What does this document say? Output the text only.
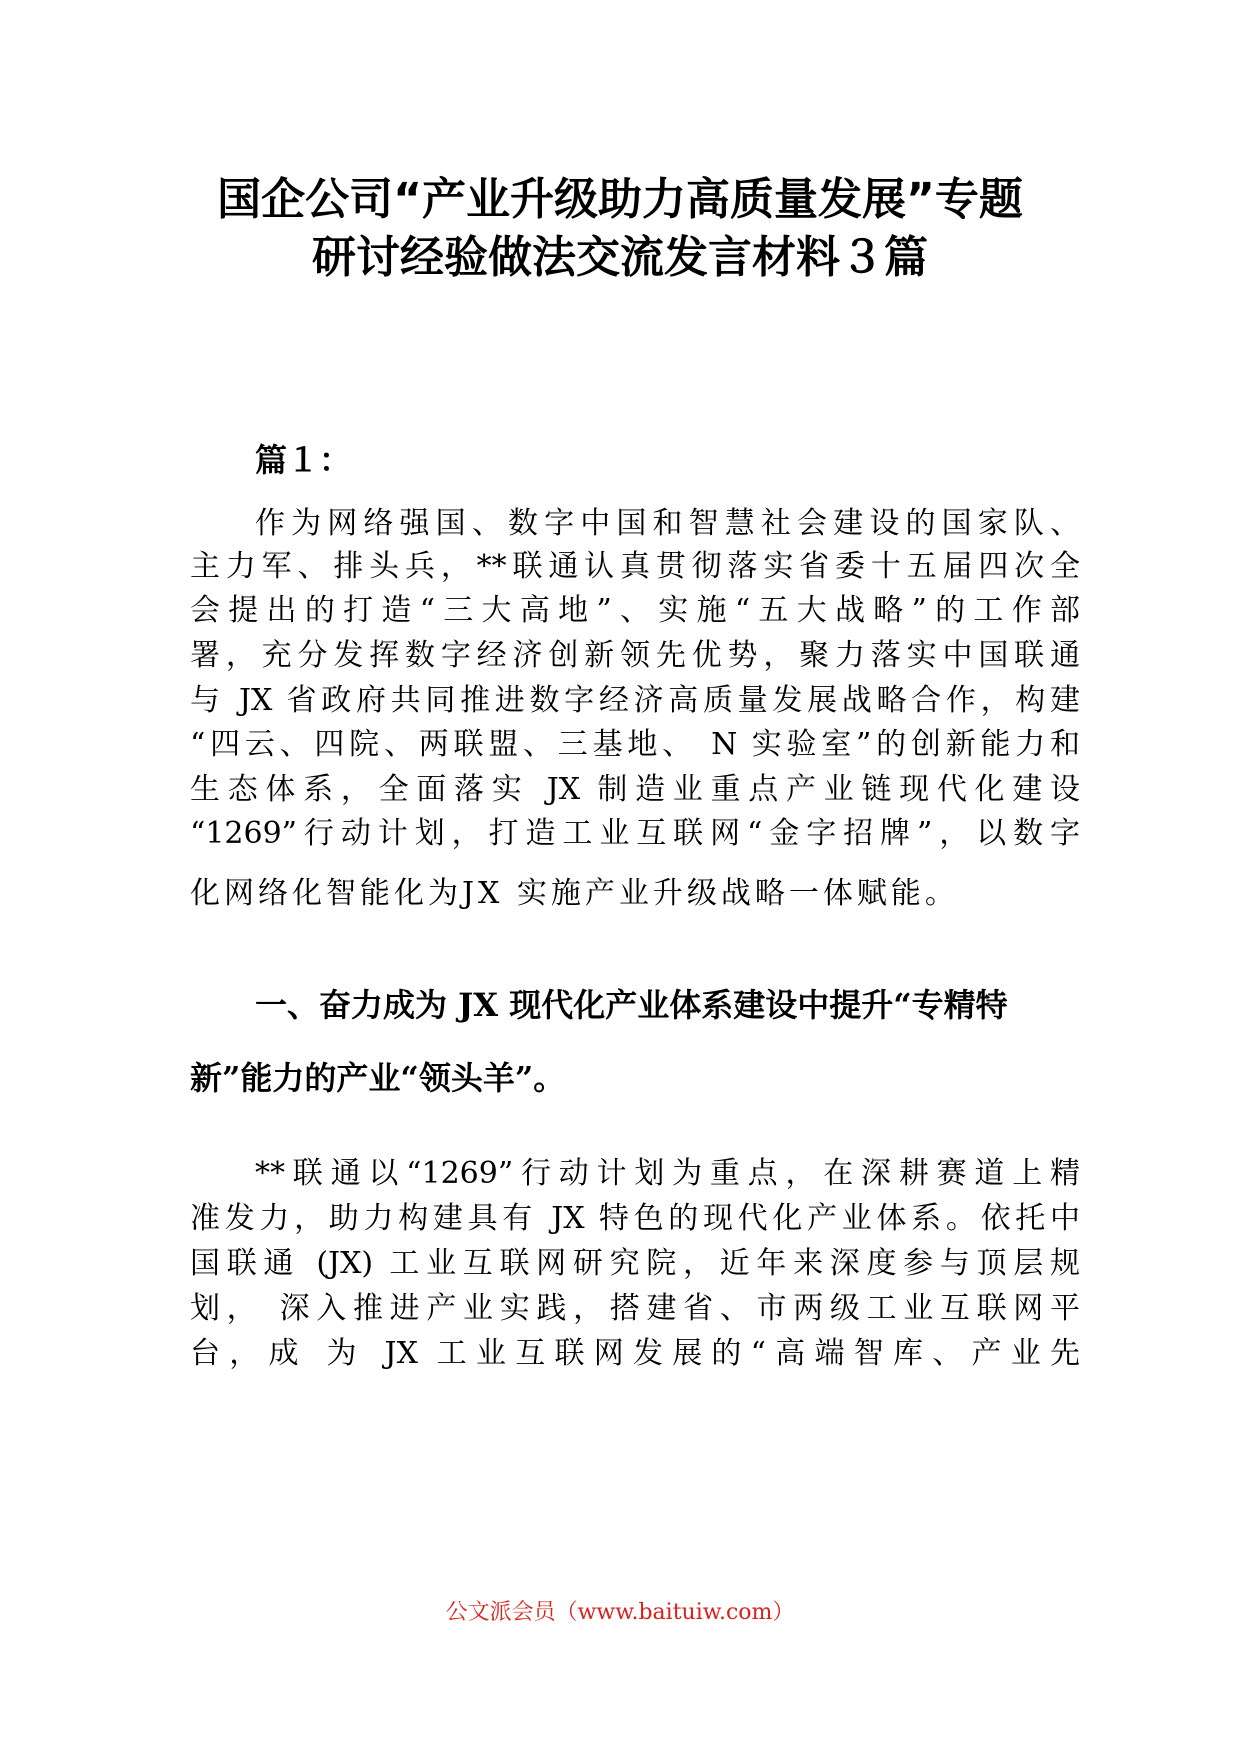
国企公司“产业升级助力高质量发展”专题
研讨经验做法交流发言材料３篇
篇１：
作为网络强国、数字中国和智慧社会建设的国家队、
主力军、排头兵，**联通认真贯彻落实省委十五届四次全
会提出的打造“三大高地”、实施“五大战略”的工作部
署，充分发挥数字经济创新领先优势，聚力落实中国联通
与 JX 省政府共同推进数字经济高质量发展战略合作，构建
“四云、四院、两联盟、三基地、 N 实验室”的创新能力和
生态体系，全面落实 JX 制造业重点产业链现代化建设
“1269”行动计划，打造工业互联网“金字招牌”，以数字
化网络化智能化为JX 实施产业升级战略一体赋能。
一、奋力成为 JX 现代化产业体系建设中提升“专精特
新”能力的产业“领头羊”。
**联通以“1269”行动计划为重点，在深耕赛道上精
准发力，助力构建具有 JX 特色的现代化产业体系。依托中
国联通 (JX) 工业互联网研究院，近年来深度参与顶层规
划， 深入推进产业实践，搭建省、市两级工业互联网平
台，成 为 JX 工业互联网发展的“高端智库、产业先
公文派会员（www.baituiw.com）
